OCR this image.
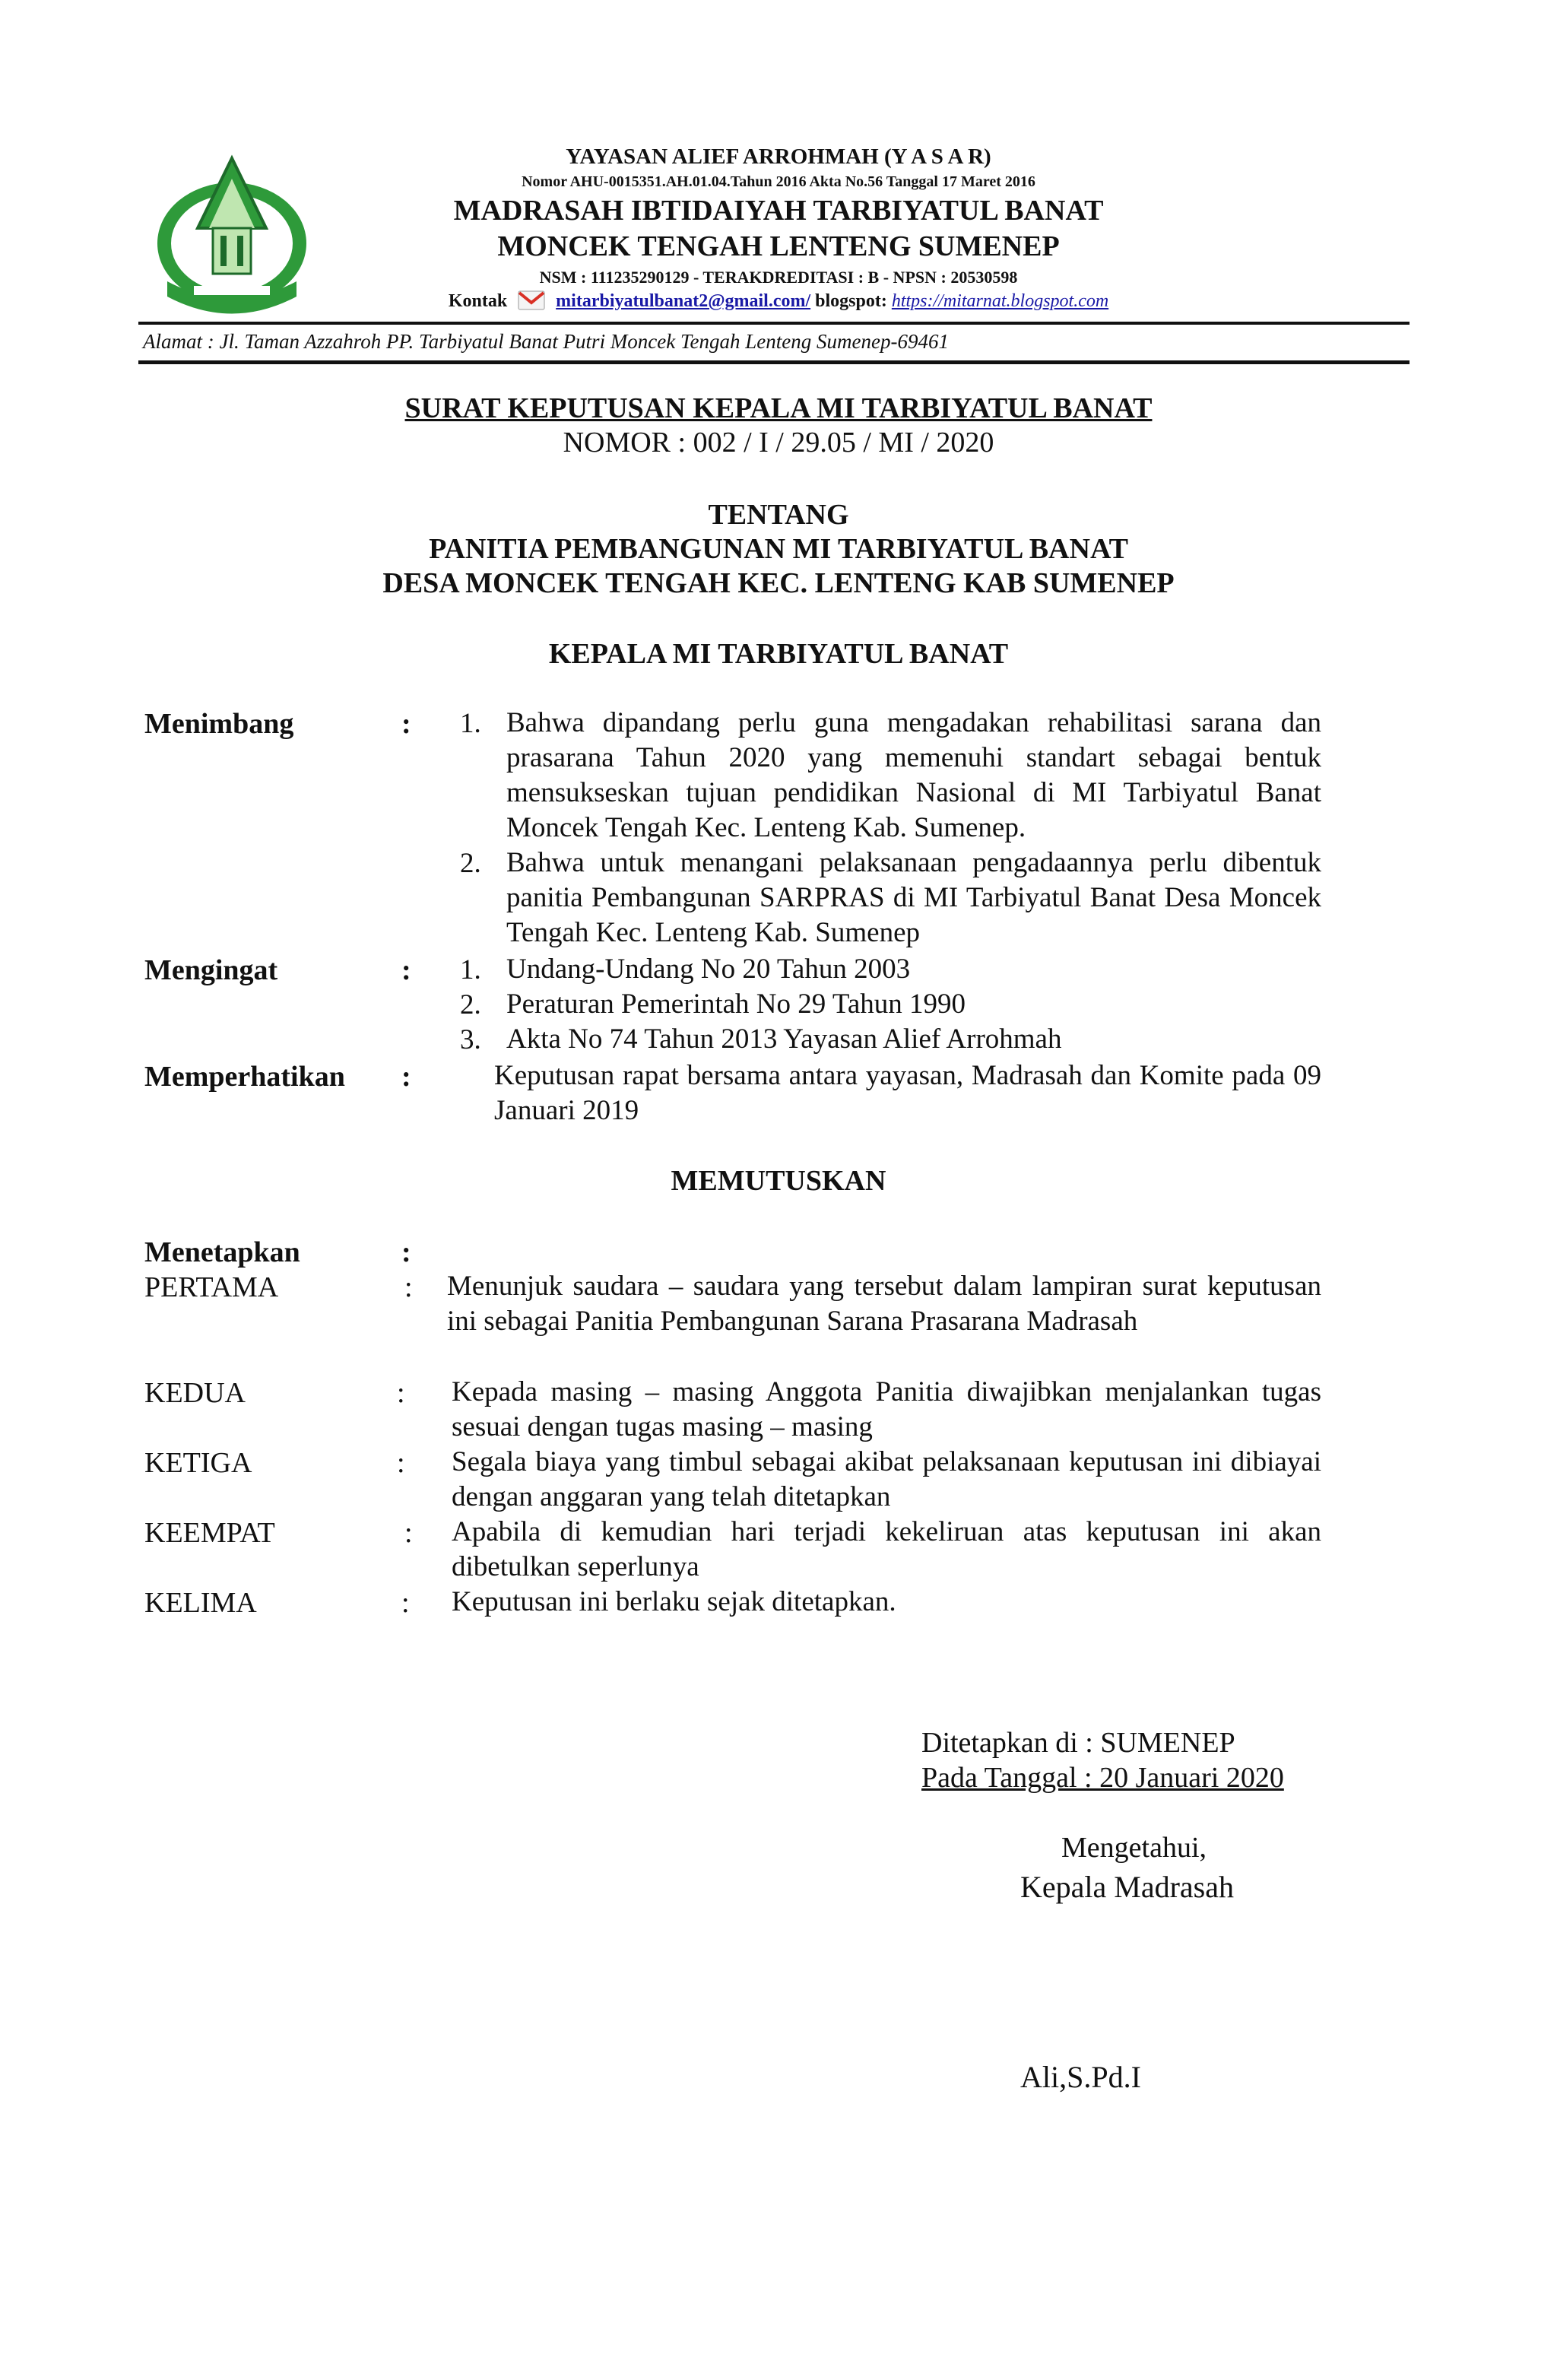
YAYASAN ALIEF ARROHMAH (Y A S A R)
Nomor AHU-0015351.AH.01.04.Tahun 2016 Akta No.56 Tanggal 17 Maret 2016
MADRASAH IBTIDAIYAH TARBIYATUL BANAT
MONCEK TENGAH LENTENG SUMENEP
NSM : 111235290129 - TERAKDREDITASI : B - NPSN : 20530598
Kontak	mitarbiyatulbanat2@gmail.com/ blogspot: https://mitarnat.blogspot.com
Alamat : Jl. Taman Azzahroh PP. Tarbiyatul Banat Putri Moncek Tengah Lenteng Sumenep-69461
SURAT KEPUTUSAN KEPALA MI TARBIYATUL BANAT
NOMOR : 002 / I / 29.05 / MI / 2020
TENTANG
PANITIA PEMBANGUNAN MI TARBIYATUL BANAT
DESA MONCEK TENGAH KEC. LENTENG KAB SUMENEP
KEPALA MI TARBIYATUL BANAT
Menimbang	: 1. Bahwa dipandang perlu guna mengadakan rehabilitasi sarana dan prasarana Tahun 2020 yang memenuhi standart sebagai bentuk mensukseskan tujuan pendidikan Nasional di MI Tarbiyatul Banat Moncek Tengah Kec. Lenteng Kab. Sumenep.
2. Bahwa untuk menangani pelaksanaan pengadaannya perlu dibentuk panitia Pembangunan SARPRAS di MI Tarbiyatul Banat Desa Moncek Tengah Kec. Lenteng Kab. Sumenep
Mengingat	: 1. Undang-Undang No 20 Tahun 2003
2. Peraturan Pemerintah No 29 Tahun 1990
3. Akta No 74 Tahun 2013 Yayasan Alief Arrohmah
Memperhatikan :	Keputusan rapat bersama antara yayasan, Madrasah dan Komite pada 09 Januari 2019
MEMUTUSKAN
Menetapkan	:
PERTAMA	: Menunjuk saudara – saudara yang tersebut dalam lampiran surat keputusan ini sebagai Panitia Pembangunan Sarana Prasarana Madrasah
KEDUA	: Kepada masing – masing Anggota Panitia diwajibkan menjalankan tugas sesuai dengan tugas masing – masing
KETIGA	: Segala biaya yang timbul sebagai akibat pelaksanaan keputusan ini dibiayai dengan anggaran yang telah ditetapkan
KEEMPAT	: Apabila di kemudian hari terjadi kekeliruan atas keputusan ini akan dibetulkan seperlunya
KELIMA	: Keputusan ini berlaku sejak ditetapkan.
Ditetapkan di : SUMENEP
Pada Tanggal : 20 Januari 2020
Mengetahui,
Kepala Madrasah
Ali,S.Pd.I
